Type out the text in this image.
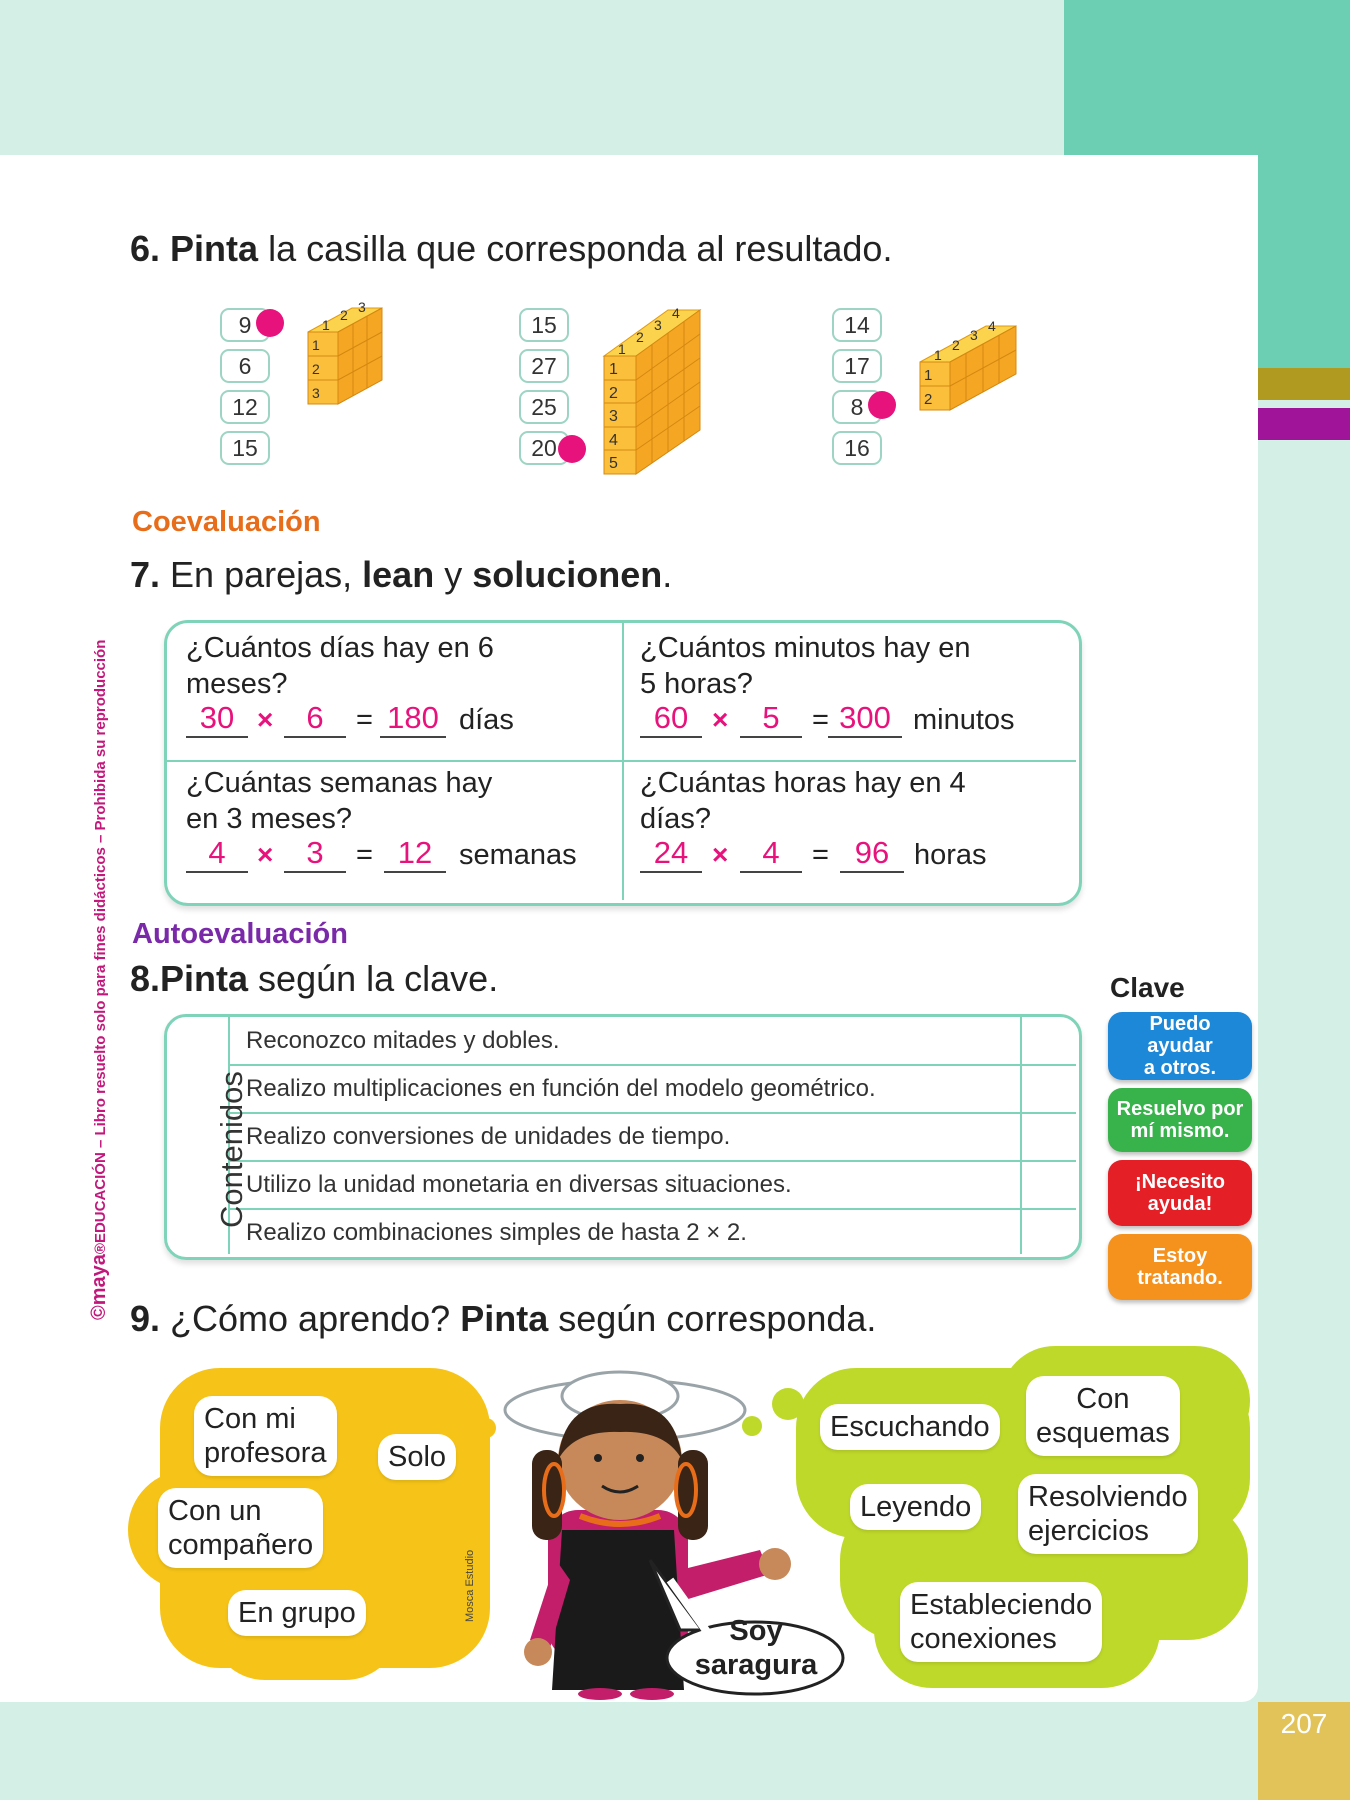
207
©maya®EDUCACIÓN – Libro resuelto solo para fines didácticos – Prohibida su reproducción
6. Pinta la casilla que corresponda al resultado.
9
6
12
15
1
2 3
1
2
3
15
27
25
20
1
2
3
4
1
2
3
4
5
14
17
8
16
1
2
3
4
1
2
Coevaluación
7. En parejas, lean y solucionen.
¿Cuántos días hay en 6
meses?
30 ×	6	= 180 días
¿Cuántos minutos hay en
5 horas?
60 ×	5	= 300 minutos
¿Cuántas semanas hay
en 3 meses?
4	×	3	= 12 semanas
¿Cuántas horas hay en 4
días?
24 ×	4	= 96 horas
Autoevaluación
8.Pinta según la clave.
Contenidos
Reconozco mitades y dobles.
Realizo multiplicaciones en función del modelo geométrico.
Realizo conversiones de unidades de tiempo.
Utilizo la unidad monetaria en diversas situaciones.
Realizo combinaciones simples de hasta 2 × 2.
Clave
Puedo
ayudar
a otros.
Resuelvo por
mí mismo.
¡Necesito
ayuda!
Estoy
tratando.
9. ¿Cómo aprendo? Pinta según corresponda.
Con mi
profesora	Solo
Con un
compañero
En grupo
Escuchando
Con
esquemas
Leyendo	Resolviendo
ejercicios
Estableciendo
conexiones
Mosca Estudio
Soy
saragura
